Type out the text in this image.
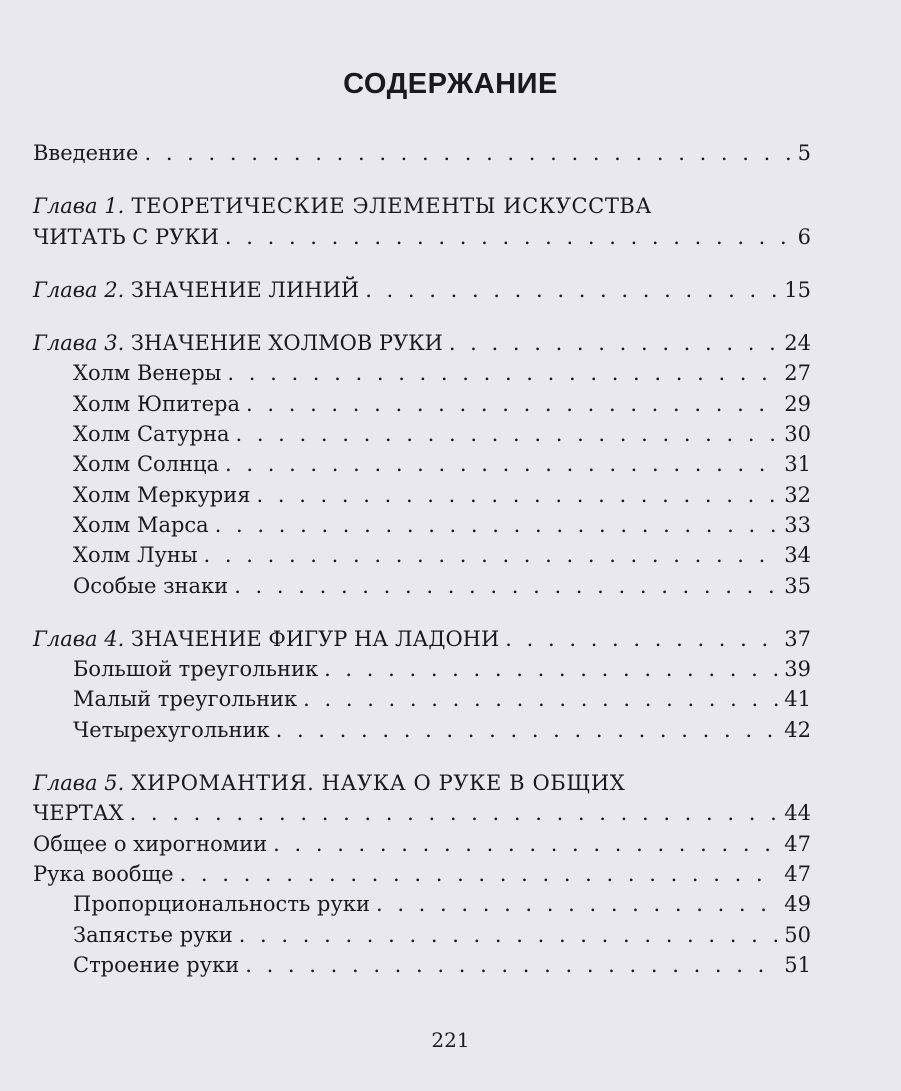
СОДЕРЖАНИЕ
Введение . . .	5
Глава 1. ТЕОРЕТИЧЕСКИЕ ЭЛЕМЕНТЫ ИСКУССТВА
ЧИТАТЬ С РУКИ . . .	6
Глава 2. ЗНАЧЕНИЕ ЛИНИЙ . . .	15
Глава 3. ЗНАЧЕНИЕ ХОЛМОВ РУКИ . . .	24
Холм Венеры . . .	27
Холм Юпитера . . .	29
Холм Сатурна . . .	30
Холм Солнца . . .	31
Холм Меркурия . . .	32
Холм Марса . . .	33
Холм Луны . . .	34
Особые знаки . . .	35
Глава 4. ЗНАЧЕНИЕ ФИГУР НА ЛАДОНИ . . .	37
Большой треугольник . . .	39
Малый треугольник . . .	41
Четырехугольник . . .	42
Глава 5. ХИРОМАНТИЯ. НАУКА О РУКЕ В ОБЩИХ
ЧЕРТАХ . . .	44
Общее о хирогномии . . .	47
Рука вообще . . .	47
Пропорциональность руки . . .	49
Запястье руки . . .	50
Строение руки . . .	51
221
